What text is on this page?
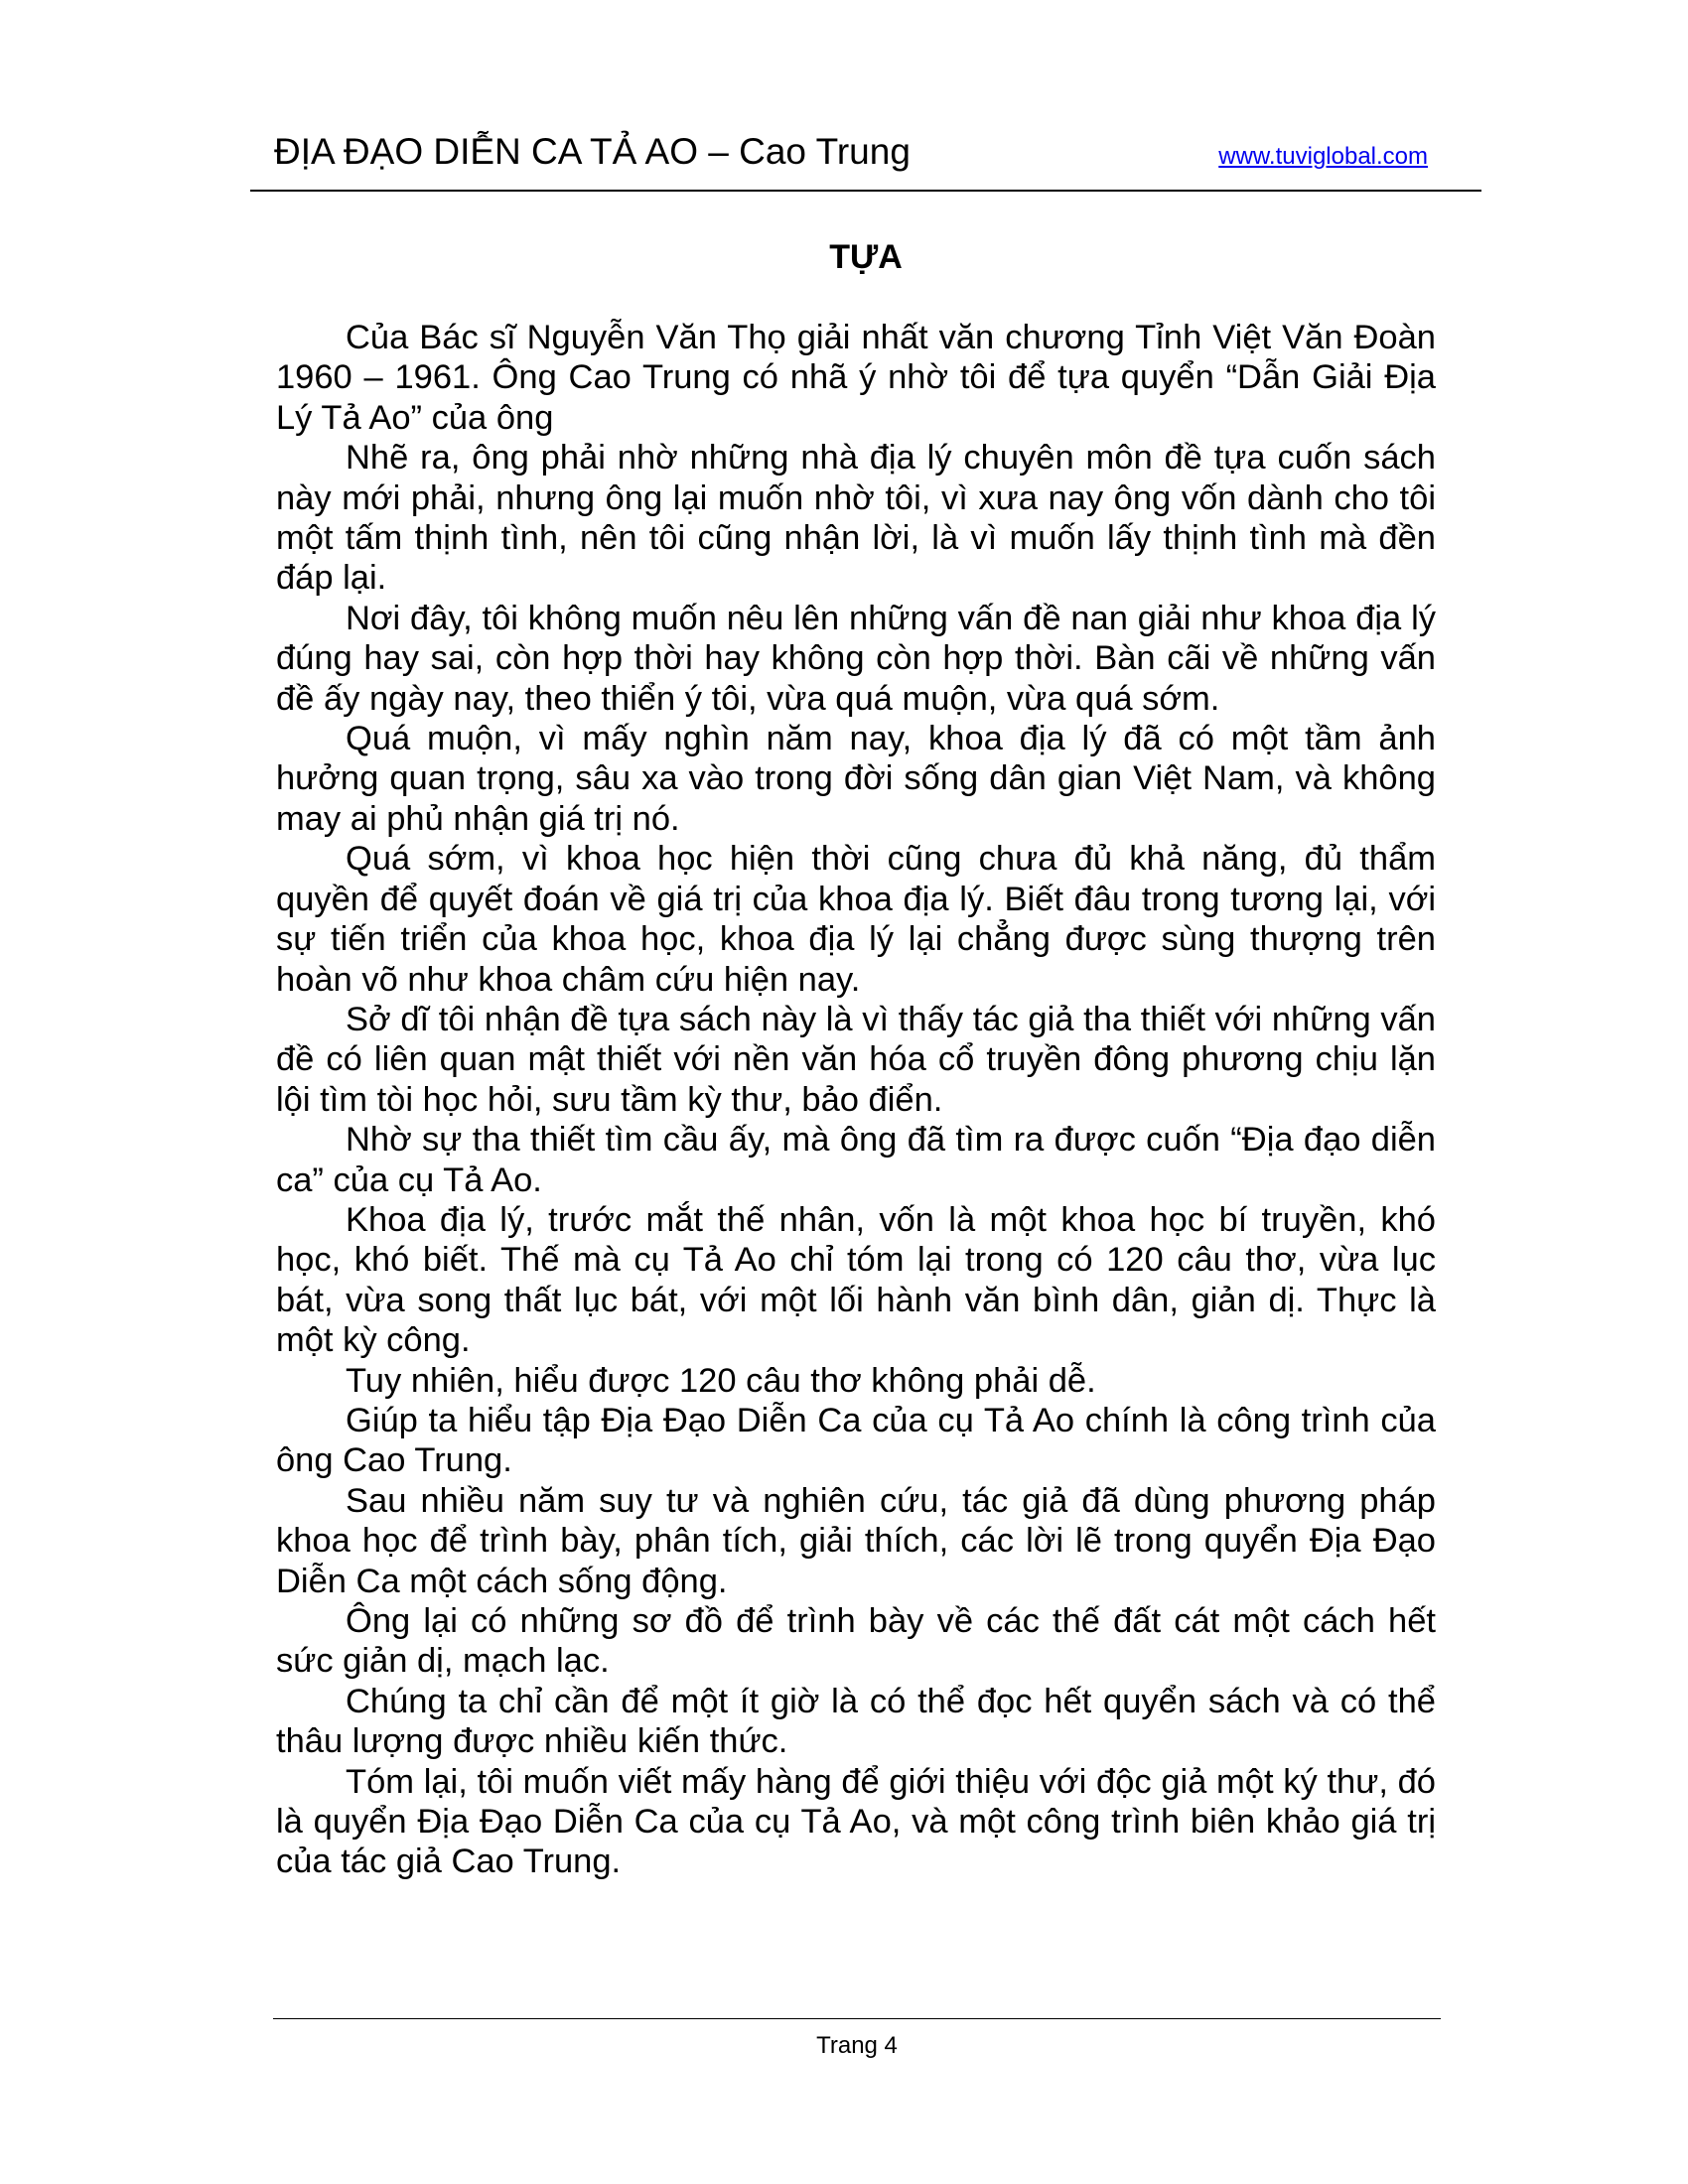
ĐỊA ĐẠO DIỄN CA TẢ AO – Cao Trung	www.tuviglobal.com
TỰA

Của Bác sĩ Nguyễn Văn Thọ giải nhất văn chương Tỉnh Việt Văn Đoàn 1960 – 1961. Ông Cao Trung có nhã ý nhờ tôi để tựa quyển “Dẫn Giải Địa Lý Tả Ao” của ông

Nhẽ ra, ông phải nhờ những nhà địa lý chuyên môn đề tựa cuốn sách này mới phải, nhưng ông lại muốn nhờ tôi, vì xưa nay ông vốn dành cho tôi một tấm thịnh tình, nên tôi cũng nhận lời, là vì muốn lấy thịnh tình mà đền đáp lại.

Nơi đây, tôi không muốn nêu lên những vấn đề nan giải như khoa địa lý đúng hay sai, còn hợp thời hay không còn hợp thời. Bàn cãi về những vấn đề ấy ngày nay, theo thiển ý tôi, vừa quá muộn, vừa quá sớm.

Quá muộn, vì mấy nghìn năm nay, khoa địa lý đã có một tầm ảnh hưởng quan trọng, sâu xa vào trong đời sống dân gian Việt Nam, và không may ai phủ nhận giá trị nó.

Quá sớm, vì khoa học hiện thời cũng chưa đủ khả năng, đủ thẩm quyền để quyết đoán về giá trị của khoa địa lý. Biết đâu trong tương lại, với sự tiến triển của khoa học, khoa địa lý lại chẳng được sùng thượng trên hoàn võ như khoa châm cứu hiện nay.

Sở dĩ tôi nhận đề tựa sách này là vì thấy tác giả tha thiết với những vấn đề có liên quan mật thiết với nền văn hóa cổ truyền đông phương chịu lặn lội tìm tòi học hỏi, sưu tầm kỳ thư, bảo điển.

Nhờ sự tha thiết tìm cầu ấy, mà ông đã tìm ra được cuốn “Địa đạo diễn ca” của cụ Tả Ao.

Khoa địa lý, trước mắt thế nhân, vốn là một khoa học bí truyền, khó học, khó biết. Thế mà cụ Tả Ao chỉ tóm lại trong có 120 câu thơ, vừa lục bát, vừa song thất lục bát, với một lối hành văn bình dân, giản dị. Thực là một kỳ công.

Tuy nhiên, hiểu được 120 câu thơ không phải dễ.

Giúp ta hiểu tập Địa Đạo Diễn Ca của cụ Tả Ao chính là công trình của ông Cao Trung.

Sau nhiều năm suy tư và nghiên cứu, tác giả đã dùng phương pháp khoa học để trình bày, phân tích, giải thích, các lời lẽ trong quyển Địa Đạo Diễn Ca một cách sống động.

Ông lại có những sơ đồ để trình bày về các thế đất cát một cách hết sức giản dị, mạch lạc.

Chúng ta chỉ cần để một ít giờ là có thể đọc hết quyển sách và có thể thâu lượng được nhiều kiến thức.

Tóm lại, tôi muốn viết mấy hàng để giới thiệu với độc giả một ký thư, đó là quyển Địa Đạo Diễn Ca của cụ Tả Ao, và một công trình biên khảo giá trị của tác giả Cao Trung.

Trang 4
